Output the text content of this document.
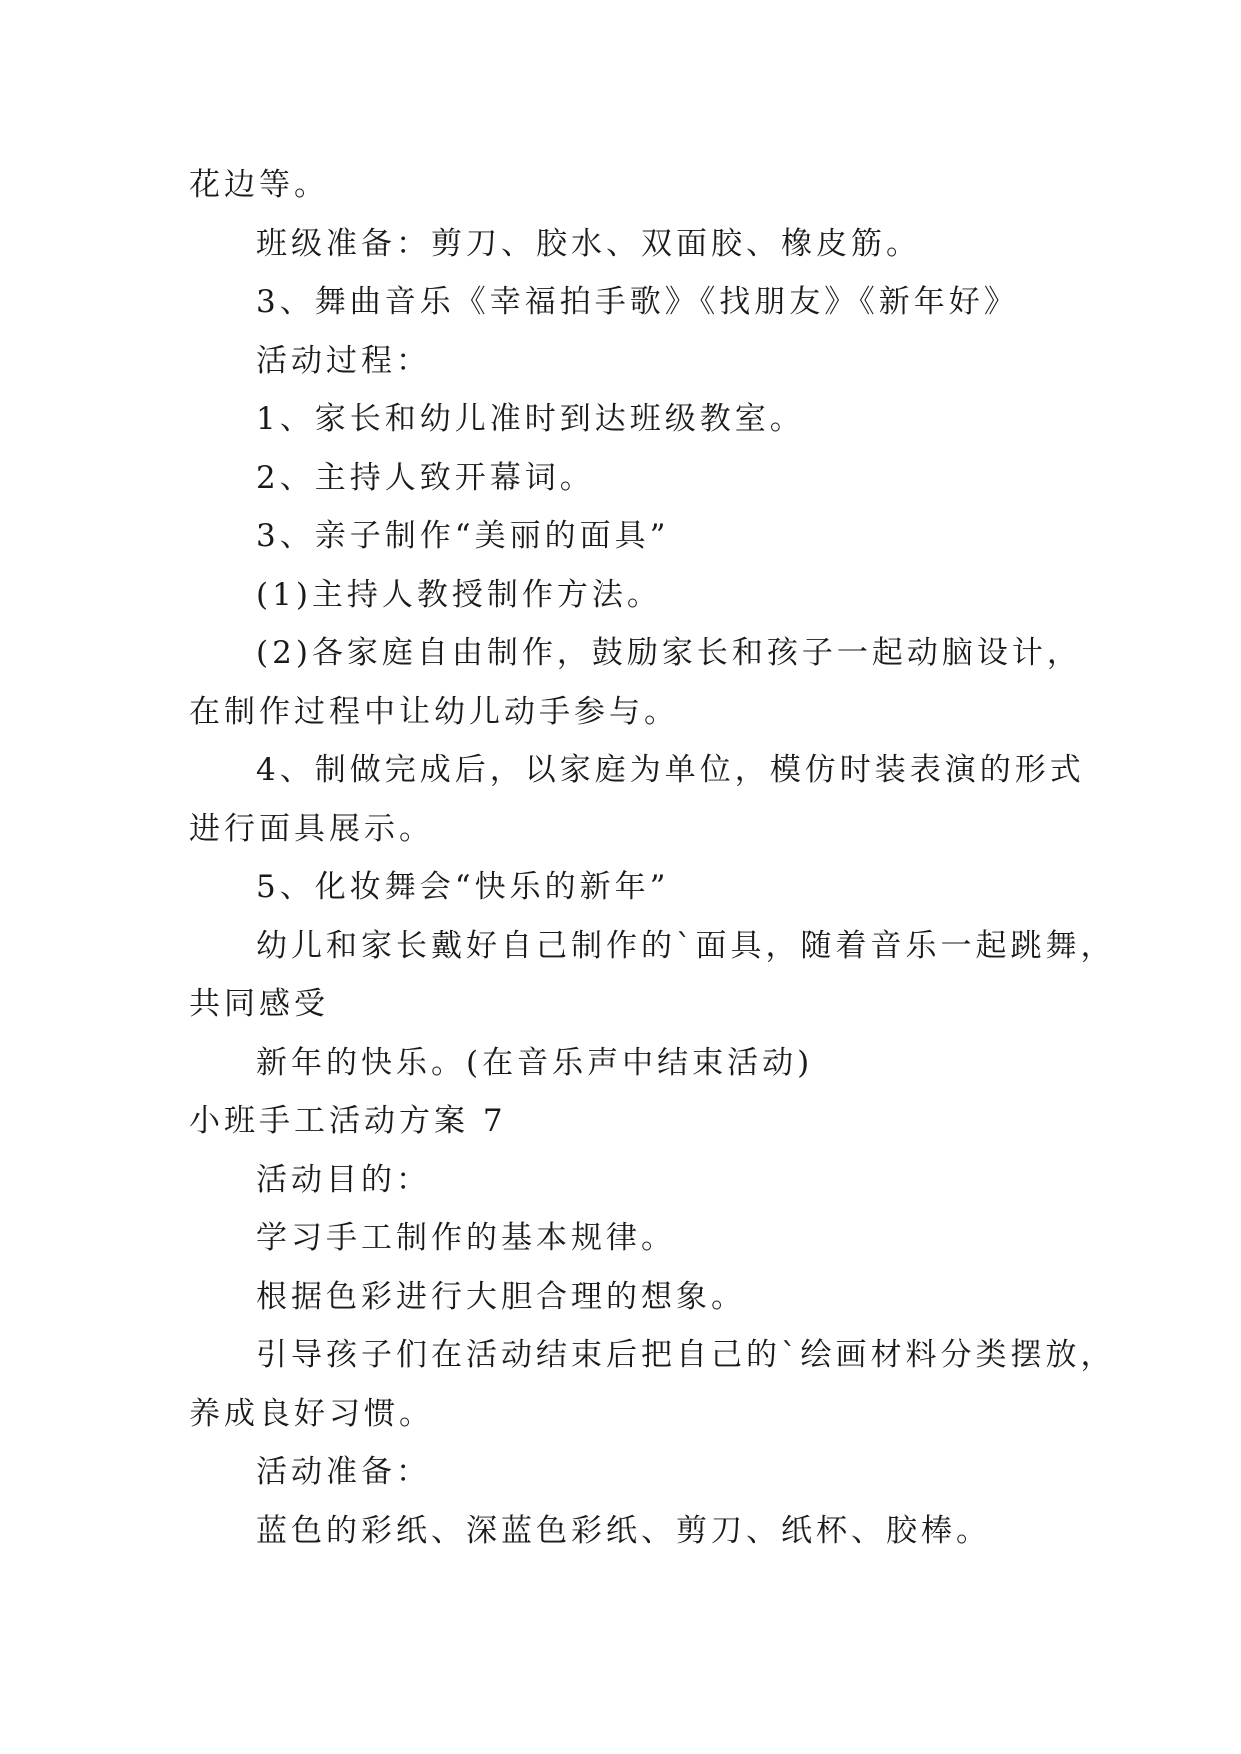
花边等。
班级准备：剪刀、胶水、双面胶、橡皮筋。
3、舞曲音乐《幸福拍手歌》《找朋友》《新年好》
活动过程：
1、家长和幼儿准时到达班级教室。
2、主持人致开幕词。
3、亲子制作“美丽的面具”
(1)主持人教授制作方法。
(2)各家庭自由制作，鼓励家长和孩子一起动脑设计，
在制作过程中让幼儿动手参与。
4、制做完成后，以家庭为单位，模仿时装表演的形式
进行面具展示。
5、化妆舞会“快乐的新年”
幼儿和家长戴好自己制作的`面具，随着音乐一起跳舞，
共同感受
新年的快乐。(在音乐声中结束活动)
小班手工活动方案 7
活动目的：
学习手工制作的基本规律。
根据色彩进行大胆合理的想象。
引导孩子们在活动结束后把自己的`绘画材料分类摆放，
养成良好习惯。
活动准备：
蓝色的彩纸、深蓝色彩纸、剪刀、纸杯、胶棒。
